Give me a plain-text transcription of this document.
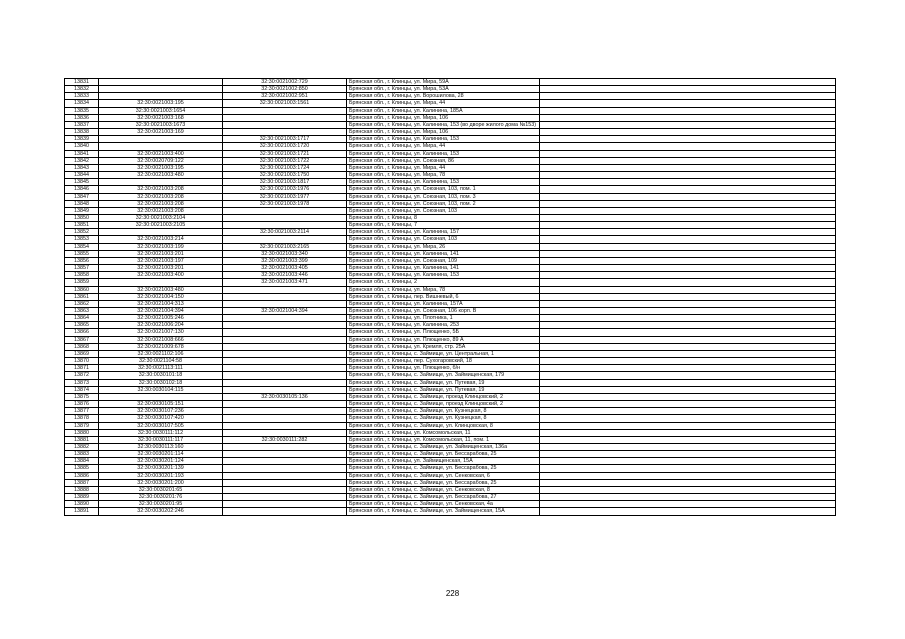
13831		32:30:0021002:729	Брянская обл., г. Клинцы, ул. Мира, 59А	
13832		32:30:0021002:850	Брянская обл., г. Клинцы, ул. Мира, 53А	
13833		32:30:0021002:951	Брянская обл., г. Клинцы, ул. Ворошилова, 28	
13834	32:30:0021003:195	32:30:0021003:1561	Брянская обл., г. Клинцы, ул. Мира, 44	
13835	32:30:0021003:1654		Брянская обл., г. Клинцы, ул. Калинина, 185А	
13836	32:30:0021003:168		Брянская обл., г. Клинцы, ул. Мира, 106	
13837	32:30:0021003:1673		Брянская обл., г. Клинцы, ул. Калинина, 153 (во дворе жилого дома №153)	
13838	32:30:0021003:169		Брянская обл., г. Клинцы, ул. Мира, 106	
13839		32:30:0021003:1717	Брянская обл., г. Клинцы, ул. Калинина, 153	
13840		32:30:0021003:1720	Брянская обл., г. Клинцы, ул. Мира, 44	
13841	32:30:0021003:400	32:30:0021003:1721	Брянская обл., г. Клинцы, ул. Калинина, 153	
13842	32:30:0020709:122	32:30:0021003:1722	Брянская обл., г. Клинцы, ул. Союзная, 86	
13843	32:30:0021003:195	32:30:0021003:1724	Брянская обл., г. Клинцы, ул. Мира, 44	
13844	32:30:0021003:480	32:30:0021003:1750	Брянская обл., г. Клинцы, ул. Мира, 78	
13845		32:30:0021003:1817	Брянская обл., г. Клинцы, ул. Калинина, 153	
13846	32:30:0021003:208	32:30:0021003:1976	Брянская обл., г. Клинцы, ул. Союзная, 103, пом. 1	
13847	32:30:0021003:208	32:30:0021003:1977	Брянская обл., г. Клинцы, ул. Союзная, 103, пом. 3	
13848	32:30:0021003:208	32:30:0021003:1978	Брянская обл., г. Клинцы, ул. Союзная, 103, пом. 2	
13849	32:30:0021003:208		Брянская обл., г. Клинцы, ул. Союзная, 103	
13850	32:30:0021003:2104		Брянская обл., г. Клинцы, 8	
13851	32:30:0021003:2105		Брянская обл., г. Клинцы, 7	
13852		32:30:0021003:2114	Брянская обл., г. Клинцы, ул. Калинина, 157	
13853	32:30:0021003:214		Брянская обл., г. Клинцы, ул. Союзная, 103	
13854	32:30:0021003:199	32:30:0021003:2165	Брянская обл., г. Клинцы, ул. Мира, 26	
13855	32:30:0021003:201	32:30:0021003:340	Брянская обл., г. Клинцы, ул. Калинина, 141	
13856	32:30:0021003:197	32:30:0021003:399	Брянская обл., г. Клинцы, ул. Союзная, 109	
13857	32:30:0021003:201	32:30:0021003:405	Брянская обл., г. Клинцы, ул. Калинина, 141	
13858	32:30:0021003:400	32:30:0021003:446	Брянская обл., г. Клинцы, ул. Калинина, 153	
13859		32:30:0021003:471	Брянская обл., г. Клинцы, 2	
13860	32:30:0021003:480		Брянская обл., г. Клинцы, ул. Мира, 78	
13861	32:30:0021004:150		Брянская обл., г. Клинцы, пер. Вишневый, 6	
13862	32:30:0021004:313		Брянская обл., г. Клинцы, ул. Калинина, 157А	
13863	32:30:0021004:394	32:30:0021004:394	Брянская обл., г. Клинцы, ул. Союзная, 106 корп. В	
13864	32:30:0021005:246		Брянская обл., г. Клинцы, ул. Плотника, 1	
13865	32:30:0021006:204		Брянская обл., г. Клинцы, ул. Калинина, 253	
13866	32:30:0021007:130		Брянская обл., г. Клинцы, ул. Плющенко, 5Б	
13867	32:30:0021008:666		Брянская обл., г. Клинцы, ул. Плющенко, 89 А	
13868	32:30:0021009:678		Брянская обл., г. Клинцы, ул. Кремля, стр. 25А	
13869	32:30:0021102:106		Брянская обл., г. Клинцы, с. Займище, ул. Центральная, 1	
13870	32:30:0021104:58		Брянская обл., г. Клинцы, пер. Сухогаровский, 18	
13871	32:30:0021113:111		Брянская обл., г. Клинцы, ул. Плющенко, б/н	
13872	32:30:0030101:18		Брянская обл., г. Клинцы, с. Займище, ул. Займищенская, 179	
13873	32:30:0030102:18		Брянская обл., г. Клинцы, с. Займище, ул. Путевая, 19	
13874	32:30:0030104:115		Брянская обл., г. Клинцы, с. Займище, ул. Путевая, 19	
13875		32:30:0030105:136	Брянская обл., г. Клинцы, с. Займище, проезд Клинцовский, 2	
13876	32:30:0030105:151		Брянская обл., г. Клинцы, с. Займище, проезд Клинцовский, 2	
13877	32:30:0030107:236		Брянская обл., г. Клинцы, с. Займище, ул. Кузнецкая, 8	
13878	32:30:0030107:420		Брянская обл., г. Клинцы, с. Займище, ул. Кузнецкая, 8	
13879	32:30:0030107:505		Брянская обл., г. Клинцы, с. Займище, ул. Клинцовская, 8	
13880	32:30:0030111:112		Брянская обл., г. Клинцы, ул. Комсомольская, 11	
13881	32:30:0030111:117	32:30:0030111:282	Брянская обл., г. Клинцы, ул. Комсомольская, 11, пом. 1	
13882	32:30:0030113:160		Брянская обл., г. Клинцы, с. Займище, ул. Займищенская, 136а	
13883	32:30:0030201:114		Брянская обл., г. Клинцы, с. Займище, ул. Бессарабова, 25	
13884	32:30:0030201:124		Брянская обл., г. Клинцы, ул. Займищенская, 15А	
13885	32:30:0030201:139		Брянская обл., г. Клинцы, с. Займище, ул. Бессарабова, 25	
13886	32:30:0030201:193		Брянская обл., г. Клинцы, с. Займище, ул. Сенковская, 6	
13887	32:30:0030201:200		Брянская обл., г. Клинцы, с. Займище, ул. Бессарабова, 25	
13888	32:30:0030201:65		Брянская обл., г. Клинцы, с. Займище, ул. Сенковская, 8	
13889	32:30:0030201:76		Брянская обл., г. Клинцы, с. Займище, ул. Бессарабова, 27	
13890	32:30:0030201:95		Брянская обл., г. Клинцы, с. Займище, ул. Сенковская, 4а	
13891	32:30:0030202:246		Брянская обл., г. Клинцы, с. Займище, ул. Займищенская, 15А	
228
